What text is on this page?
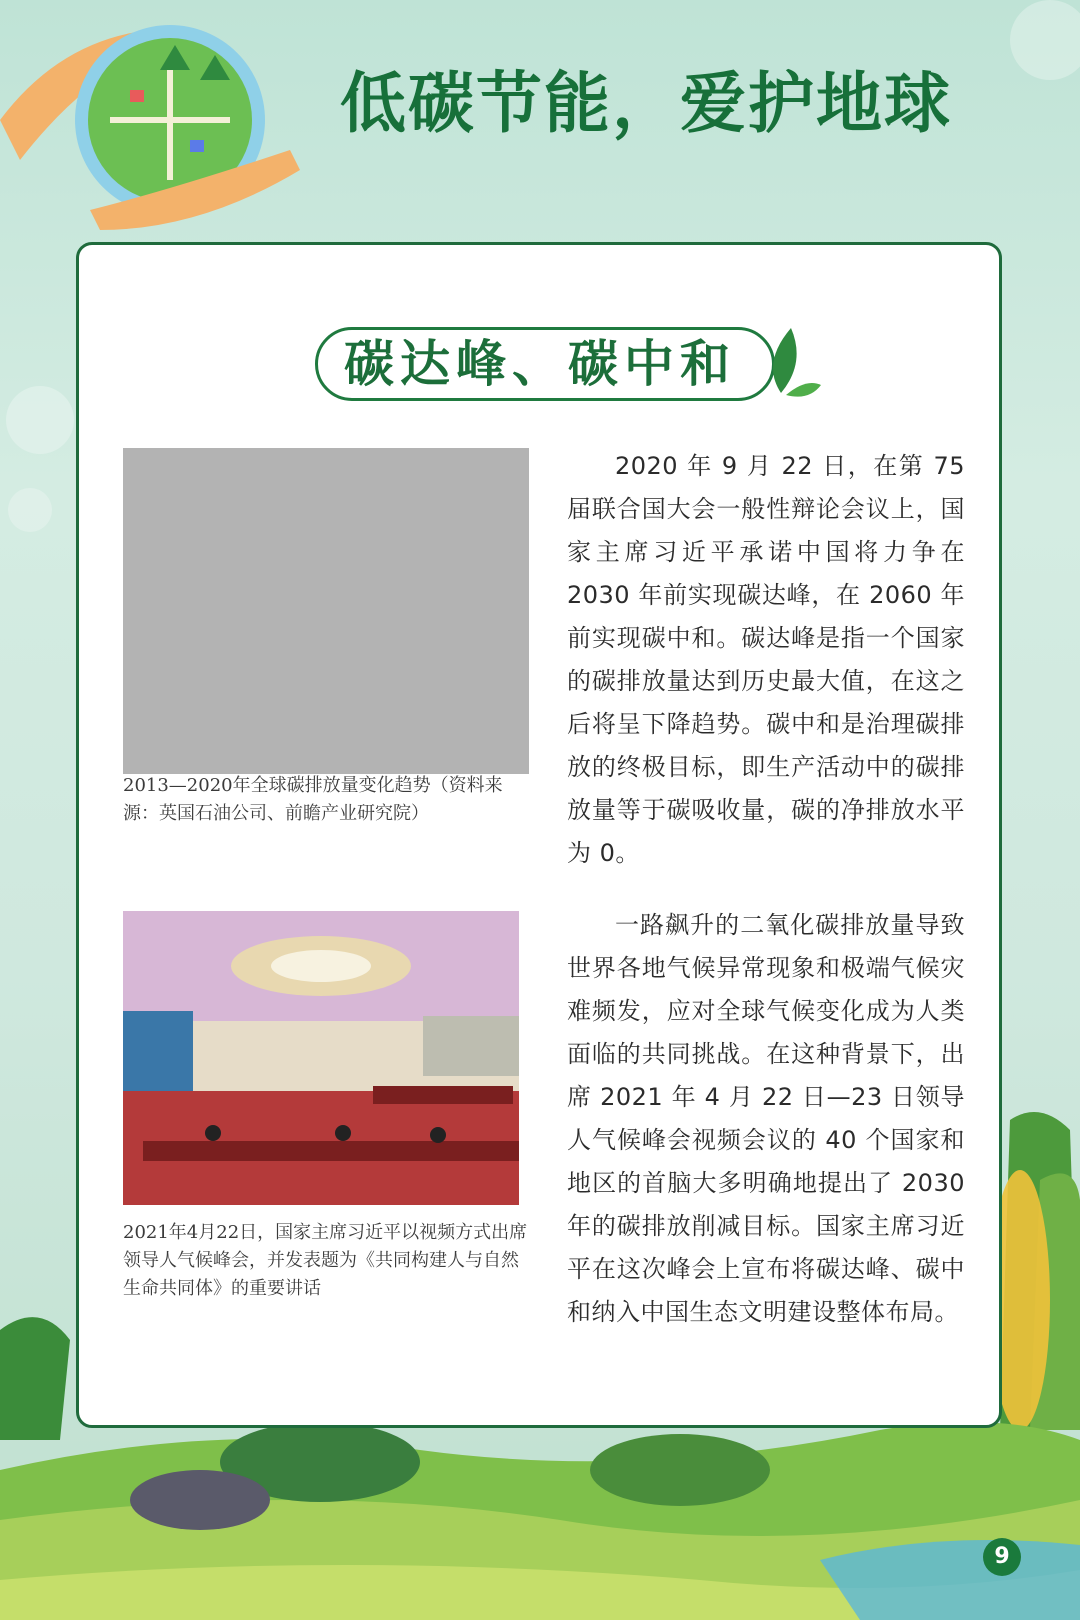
低碳节能，爱护地球
碳达峰、碳中和
2013—2020年全球碳排放量变化趋势（资料来源：英国石油公司、前瞻产业研究院）
2021年4月22日，国家主席习近平以视频方式出席领导人气候峰会，并发表题为《共同构建人与自然生命共同体》的重要讲话

2020 年 9 月 22 日，在第 75 届联合国大会一般性辩论会议上，国家主席习近平承诺中国将力争在 2030 年前实现碳达峰，在 2060 年前实现碳中和。碳达峰是指一个国家的碳排放量达到历史最大值，在这之后将呈下降趋势。碳中和是治理碳排放的终极目标，即生产活动中的碳排放量等于碳吸收量，碳的净排放水平为 0。

一路飙升的二氧化碳排放量导致世界各地气候异常现象和极端气候灾难频发，应对全球气候变化成为人类面临的共同挑战。在这种背景下，出席 2021 年 4 月 22 日—23 日领导人气候峰会视频会议的 40 个国家和地区的首脑大多明确地提出了 2030 年的碳排放削减目标。国家主席习近平在这次峰会上宣布将碳达峰、碳中和纳入中国生态文明建设整体布局。

9
